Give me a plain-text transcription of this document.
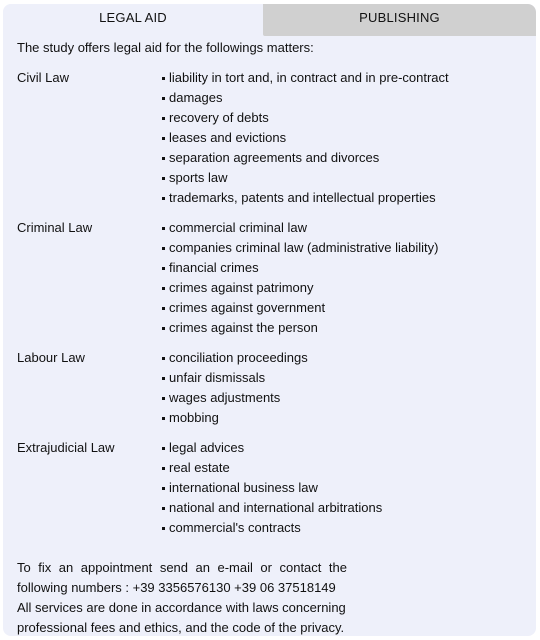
LEGAL AID	PUBLISHING

The study offers legal aid for the followings matters:

Civil Law	liability in tort and, in contract and in pre-contract
damages
recovery of debts
leases and evictions
separation agreements and divorces
sports law
trademarks, patents and intellectual properties
Criminal Law	commercial criminal law
companies criminal law (administrative liability)
financial crimes
crimes against patrimony
crimes against government
crimes against the person
Labour Law	conciliation proceedings
unfair dismissals
wages adjustments
mobbing
Extrajudicial Law	legal advices
real estate
international business law
national and international arbitrations
commercial's contracts

To fix an appointment send an e-mail or contact the

following numbers : +39 3356576130 +39 06 37518149

All services are done in accordance with laws concerning

professional fees and ethics, and the code of the privacy.
